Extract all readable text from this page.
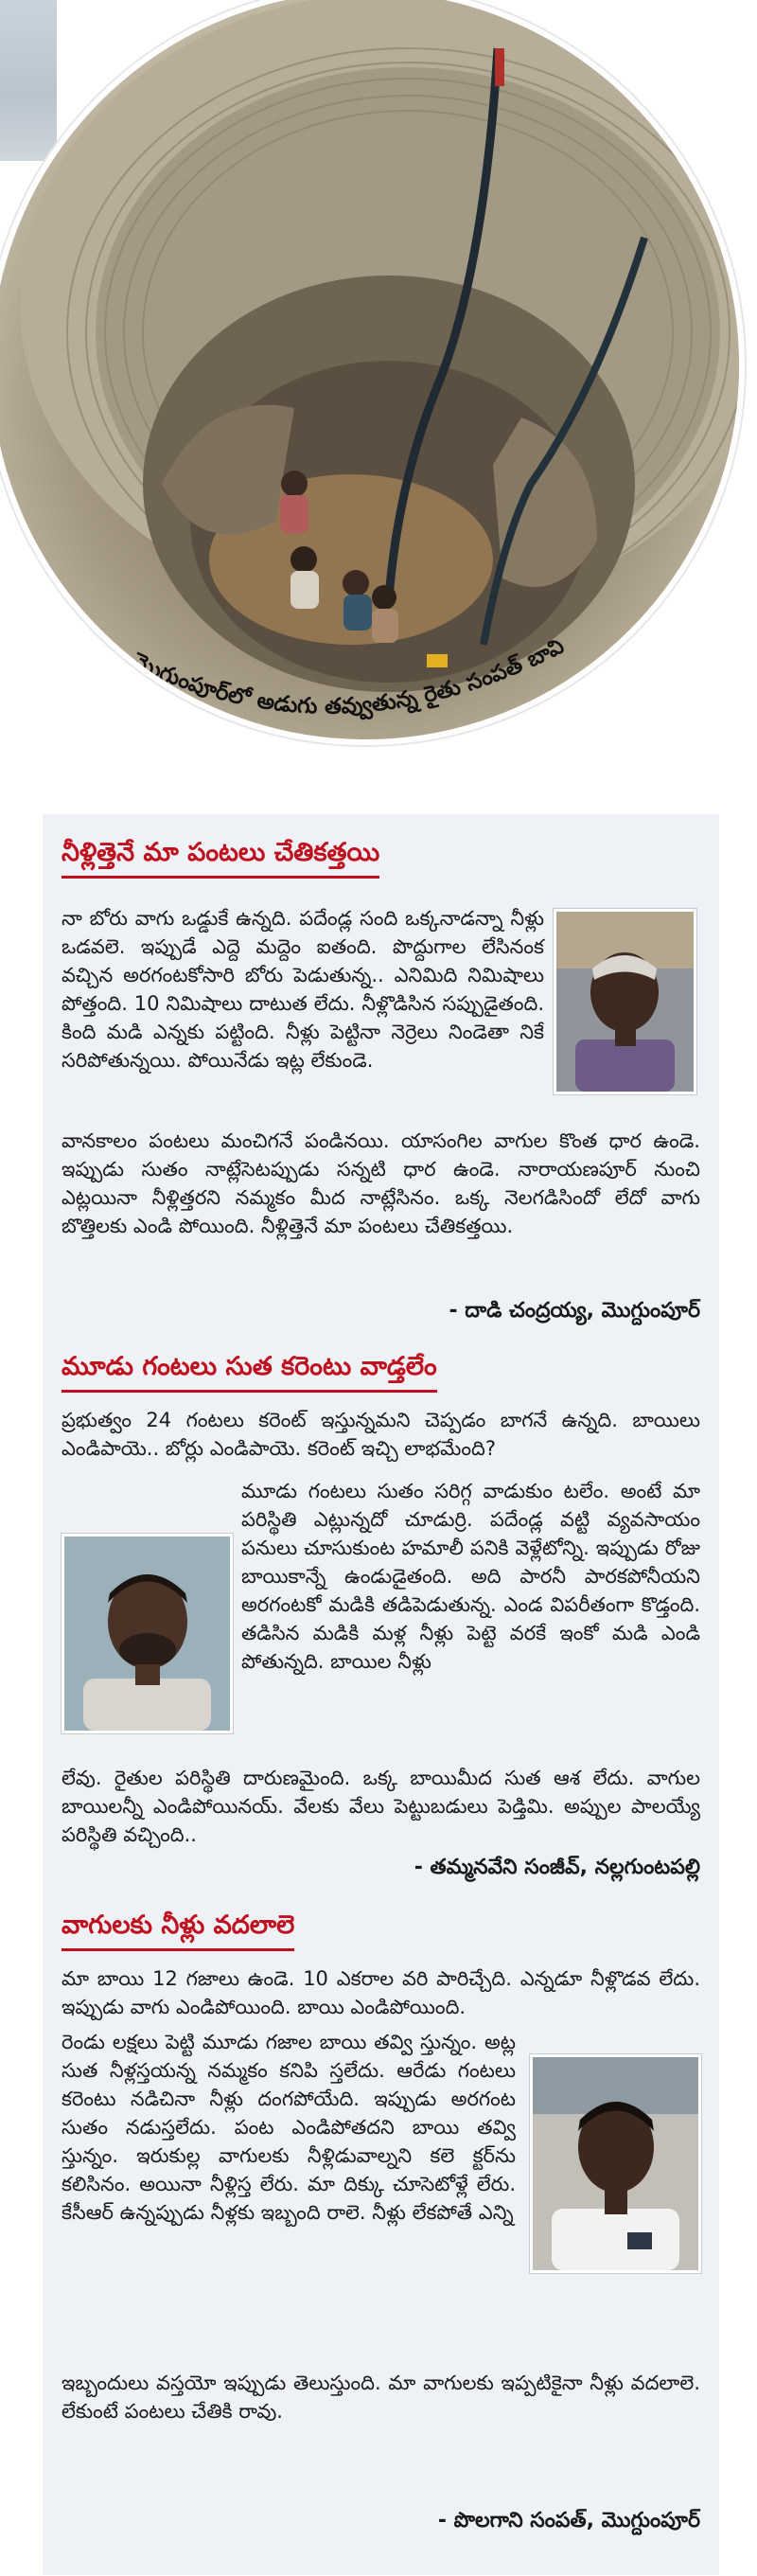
మొగ్దుంపూర్‌లో అడుగు తవ్వుతున్న రైతు సంపత్‌ బావి
నీళ్లిత్తెనే మా పంటలు చేతికత్తయి
నా బోరు వాగు ఒడ్డుకే ఉన్నది. పదేండ్ల సంది ఒక్కనాడన్నా నీళ్లు ఒడవలె. ఇప్పుడే ఎద్దె మద్దెం ఐతంది. పొద్దుగాల లేసినంక వచ్చిన అరగంటకోసారి బోరు పెడుతున్న.. ఎనిమిది నిమిషాలు పోత్తంది. 10 నిమిషాలు దాటుత లేదు. నీళ్లొడిసిన సప్పుడైతంది. కింది మడి ఎన్నకు పట్టింది. నీళ్లు పెట్టినా నెర్రెలు నిండెతా నికే సరిపోతున్నయి. పోయినేడు ఇట్ల లేకుండె.
వానకాలం పంటలు మంచిగనే పండినయి. యాసంగిల వాగుల కొంత ధార ఉండె. ఇప్పుడు సుతం నాట్లేసెటప్పుడు సన్నటి ధార ఉండె. నారాయణపూర్‌ నుంచి ఎట్లయినా నీళ్లిత్తరని నమ్మకం మీద నాట్లేసినం. ఒక్క నెలగడిసిందో లేదో వాగు బొత్తిలకు ఎండి పోయింది. నీళ్లిత్తెనే మా పంటలు చేతికత్తయి.
- దాడి చంద్రయ్య, మొగ్దుంపూర్
మూడు గంటలు సుత కరెంటు వాడ్తలేం
ప్రభుత్వం 24 గంటలు కరెంట్‌ ఇస్తున్నమని చెప్పడం బాగనే ఉన్నది. బాయిలు ఎండిపాయె.. బోర్లు ఎండిపాయె. కరెంట్‌ ఇచ్చి లాభమేంది?
మూడు గంటలు సుతం సరిగ్గ వాడుకుం టలేం. అంటే మా పరిస్థితి ఎట్లున్నదో చూడుర్రి. పదేండ్ల వట్టి వ్యవసాయం పనులు చూసుకుంట హమాలీ పనికి వెళ్లేటోన్ని. ఇప్పుడు రోజు బాయికాన్నే ఉండుడైతంది. అది పారనీ పారకపోనీయని అరగంటకో మడికి తడిపెడుతున్న. ఎండ విపరీతంగా కొడ్తంది. తడిసిన మడికి మళ్ల నీళ్లు పెట్టె వరకే ఇంకో మడి ఎండి పోతున్నది. బాయిల నీళ్లు
లేవు. రైతుల పరిస్థితి దారుణమైంది. ఒక్క బాయిమీద సుత ఆశ లేదు. వాగుల బాయిలన్నీ ఎండిపోయినయ్‌. వేలకు వేలు పెట్టుబడులు పెడ్తిమి. అప్పుల పాలయ్యే పరిస్థితి వచ్చింది..
- తమ్మనవేని సంజీవ్‌, నల్లగుంటపల్లి
వాగులకు నీళ్లు వదలాలె
మా బాయి 12 గజాలు ఉండె. 10 ఎకరాల వరి పారిచ్చేది. ఎన్నడూ నీళ్లొడవ లేదు. ఇప్పుడు వాగు ఎండిపోయింది. బాయి ఎండిపోయింది.
రెండు లక్షలు పెట్టి మూడు గజాల బాయి తవ్వి స్తున్నం. అట్ల సుత నీళ్లస్తయన్న నమ్మకం కనిపి స్తలేదు. ఆరేడు గంటలు కరెంటు నడిచినా నీళ్లు దంగపోయేది. ఇప్పుడు అరగంట సుతం నడుస్తలేదు. పంట ఎండిపోతదని బాయి తవ్వి స్తున్నం. ఇరుకుల్ల వాగులకు నీళ్లిడువాల్నని కలె క్టర్‌ను కలిసినం. అయినా నీళ్లిస్త లేరు. మా దిక్కు చూసెటోళ్లే లేరు. కేసీఆర్‌ ఉన్నప్పుడు నీళ్లకు ఇబ్బంది రాలె. నీళ్లు లేకపోతే ఎన్ని
ఇబ్బందులు వస్తయో ఇప్పుడు తెలుస్తుంది. మా వాగులకు ఇప్పటికైనా నీళ్లు వదలాలె. లేకుంటే పంటలు చేతికి రావు.
- పొలగాని సంపత్‌, మొగ్దుంపూర్
